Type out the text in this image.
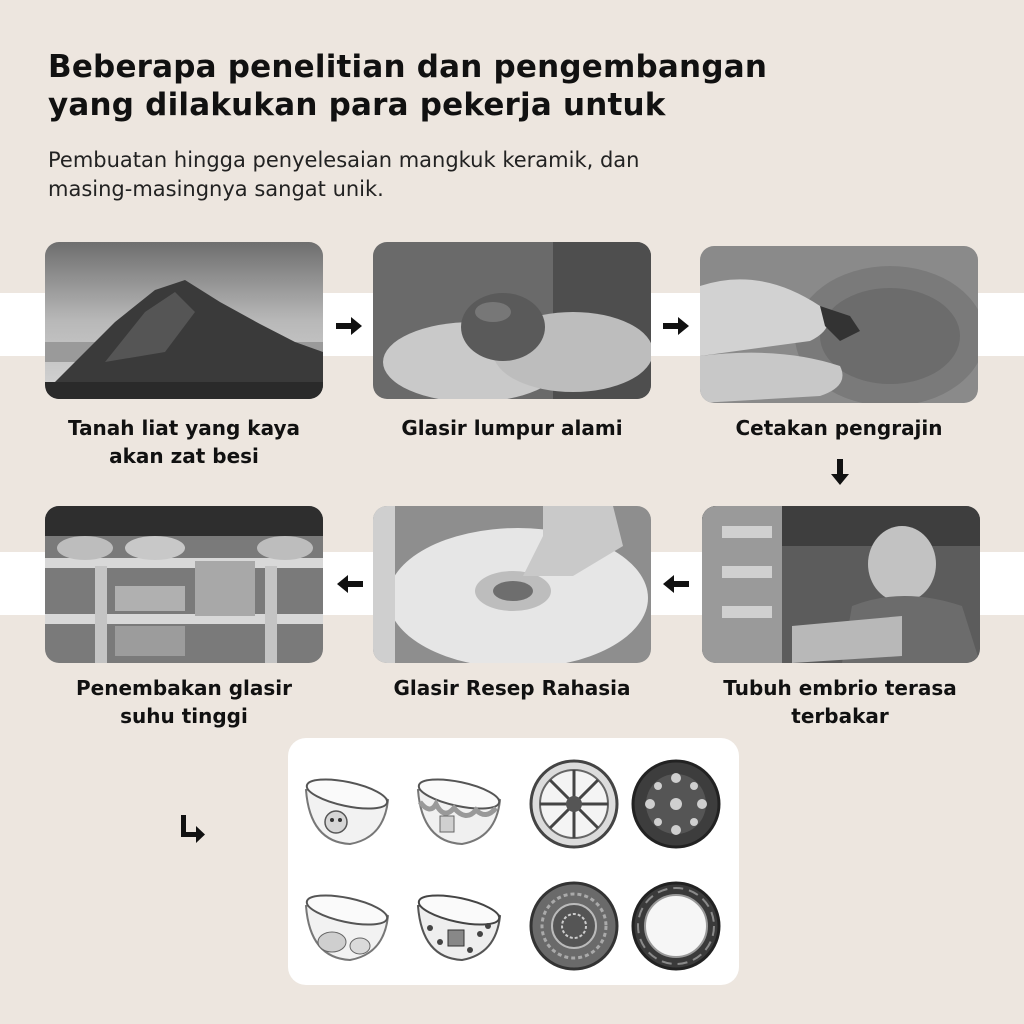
Beberapa penelitian dan pengembangan
yang dilakukan para pekerja untuk

Pembuatan hingga penyelesaian mangkuk keramik, dan
masing-masingnya sangat unik.

Tanah liat yang kaya
akan zat besi
Glasir lumpur alami	Cetakan pengrajin
Penembakan glasir
suhu tinggi
Glasir Resep Rahasia	Tubuh embrio terasa
terbakar
